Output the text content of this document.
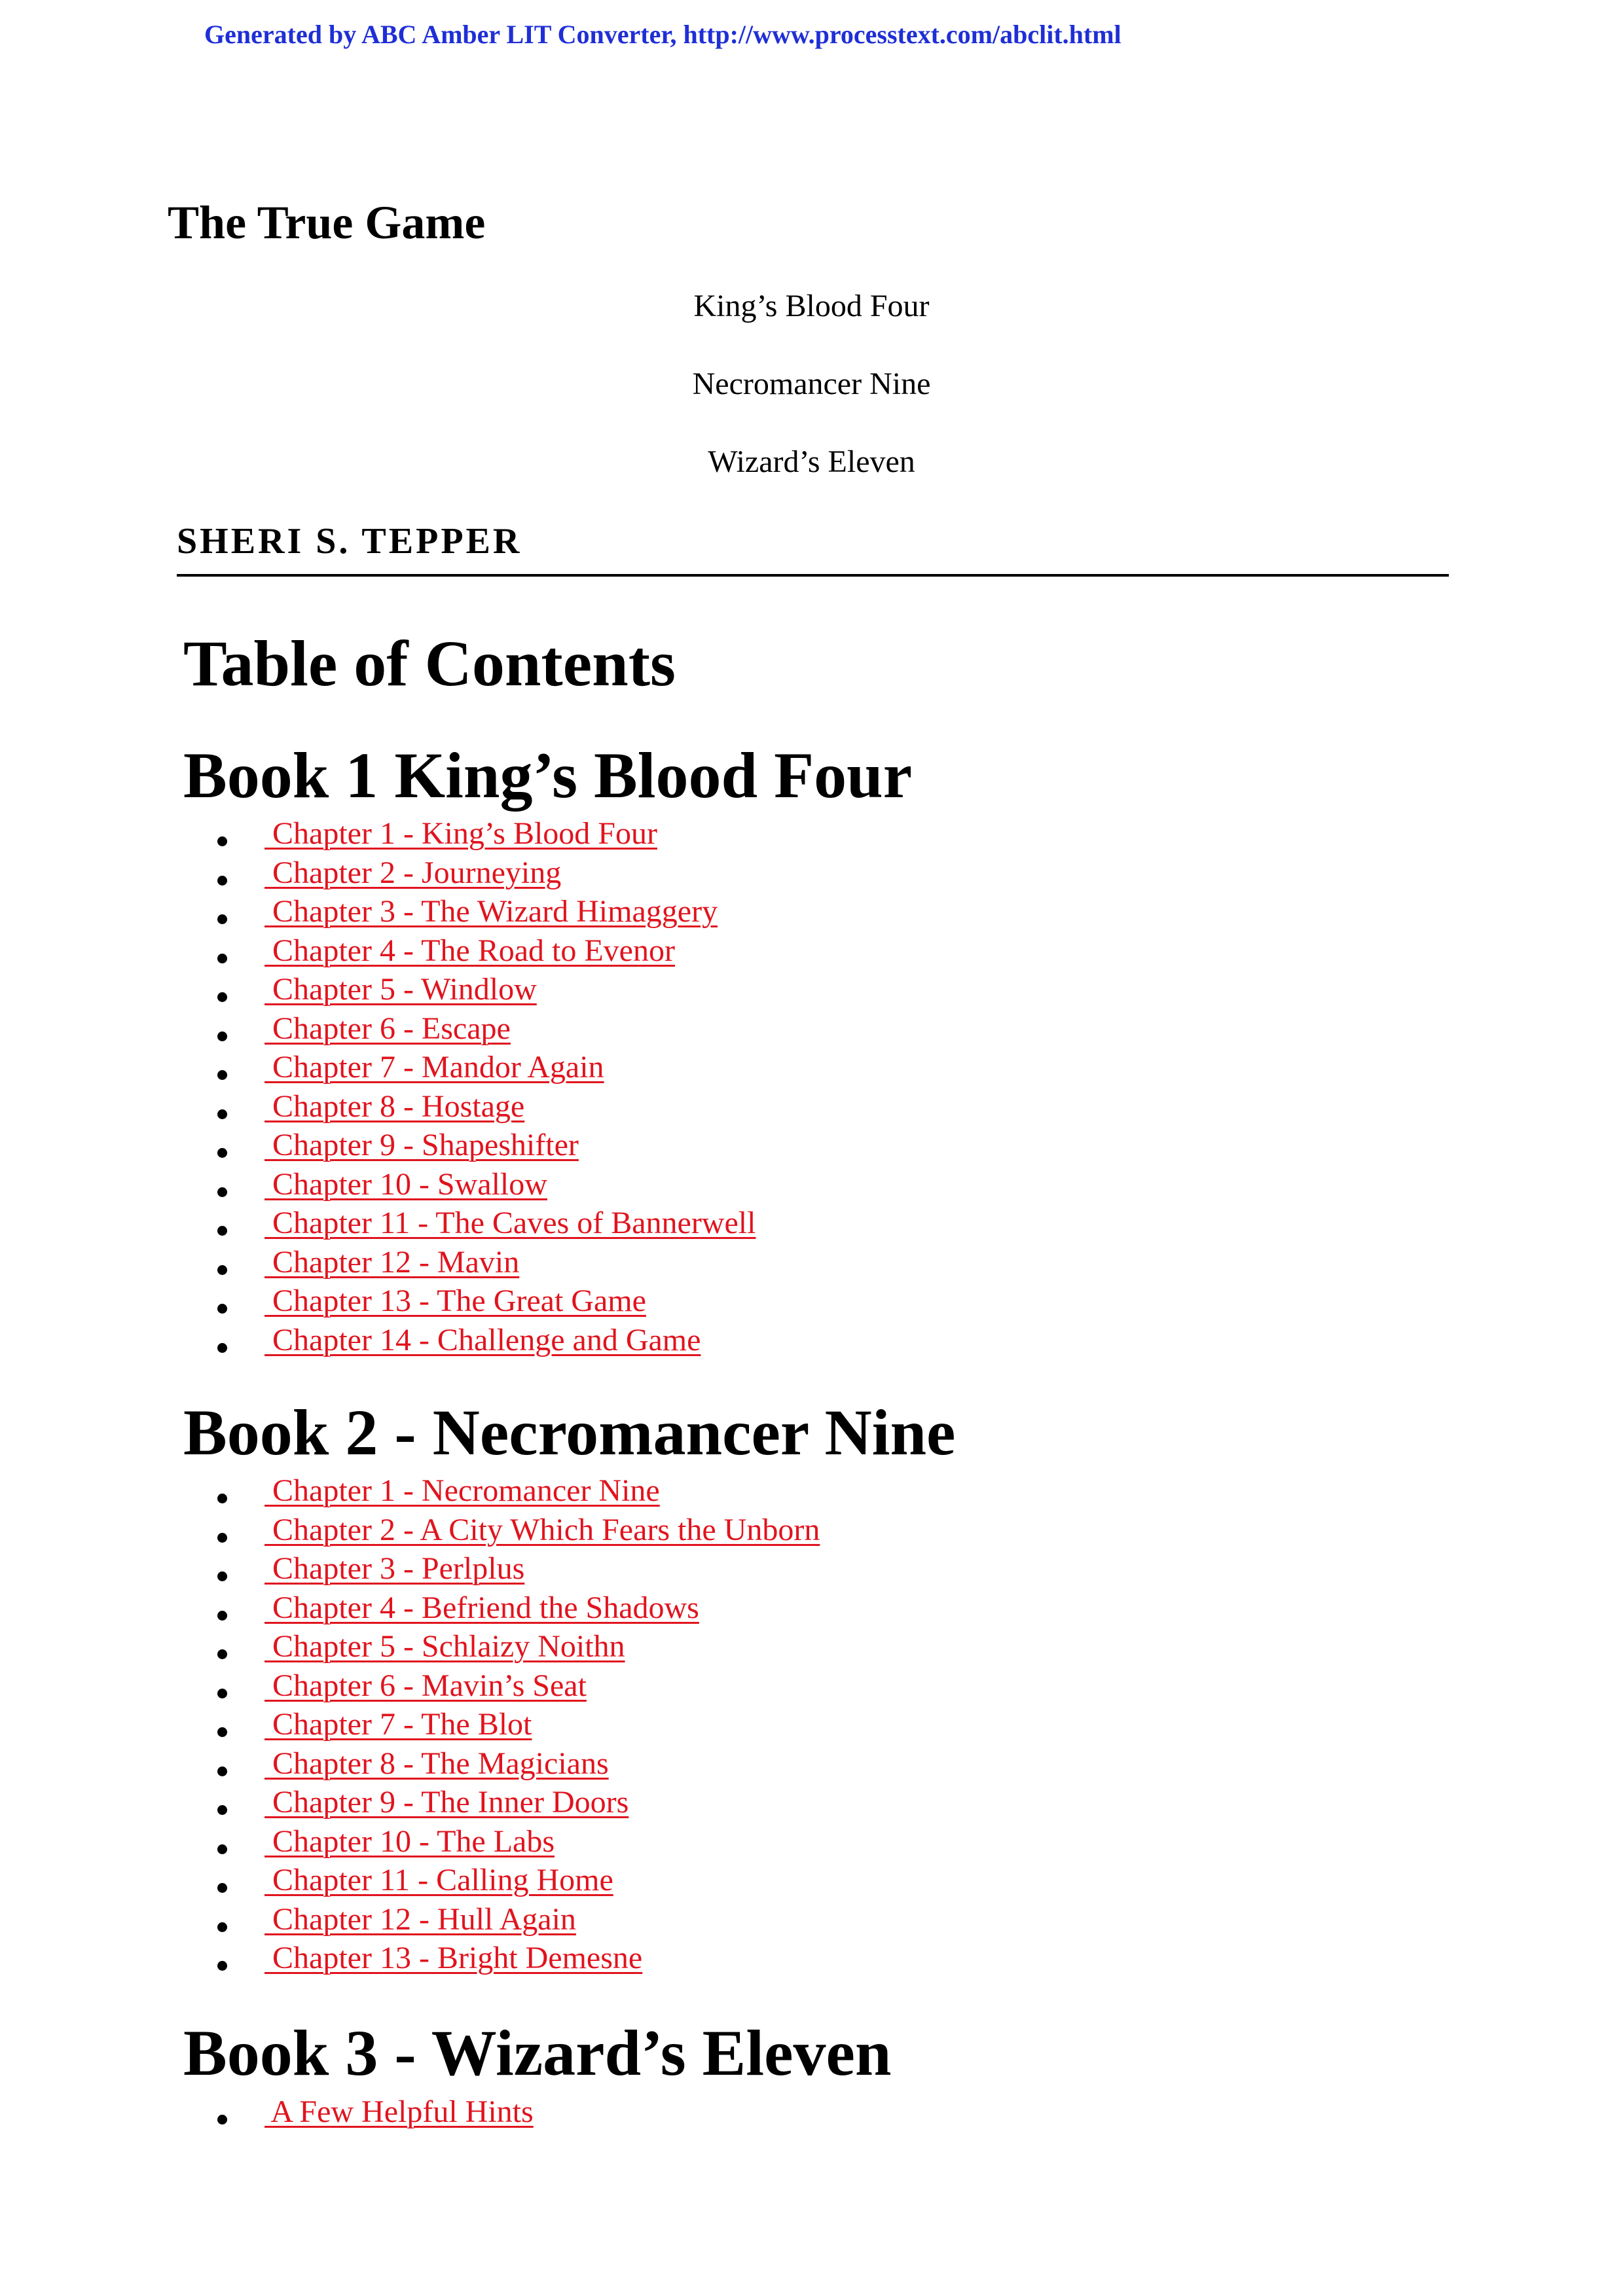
Generated by ABC Amber LIT Converter, http://www.processtext.com/abclit.html
The True Game
King’s Blood Four
Necromancer Nine
Wizard’s Eleven
SHERI S. TEPPER
Table of Contents
Book 1 King’s Blood Four
Chapter 1 - King’s Blood Four
Chapter 2 - Journeying
Chapter 3 - The Wizard Himaggery
Chapter 4 - The Road to Evenor
Chapter 5 - Windlow
Chapter 6 - Escape
Chapter 7 - Mandor Again
Chapter 8 - Hostage
Chapter 9 - Shapeshifter
Chapter 10 - Swallow
Chapter 11 - The Caves of Bannerwell
Chapter 12 - Mavin
Chapter 13 - The Great Game
Chapter 14 - Challenge and Game
Book 2 - Necromancer Nine
Chapter 1 - Necromancer Nine
Chapter 2 - A City Which Fears the Unborn
Chapter 3 - Perlplus
Chapter 4 - Befriend the Shadows
Chapter 5 - Schlaizy Noithn
Chapter 6 - Mavin’s Seat
Chapter 7 - The Blot
Chapter 8 - The Magicians
Chapter 9 - The Inner Doors
Chapter 10 - The Labs
Chapter 11 - Calling Home
Chapter 12 - Hull Again
Chapter 13 - Bright Demesne
Book 3 - Wizard’s Eleven
A Few Helpful Hints
